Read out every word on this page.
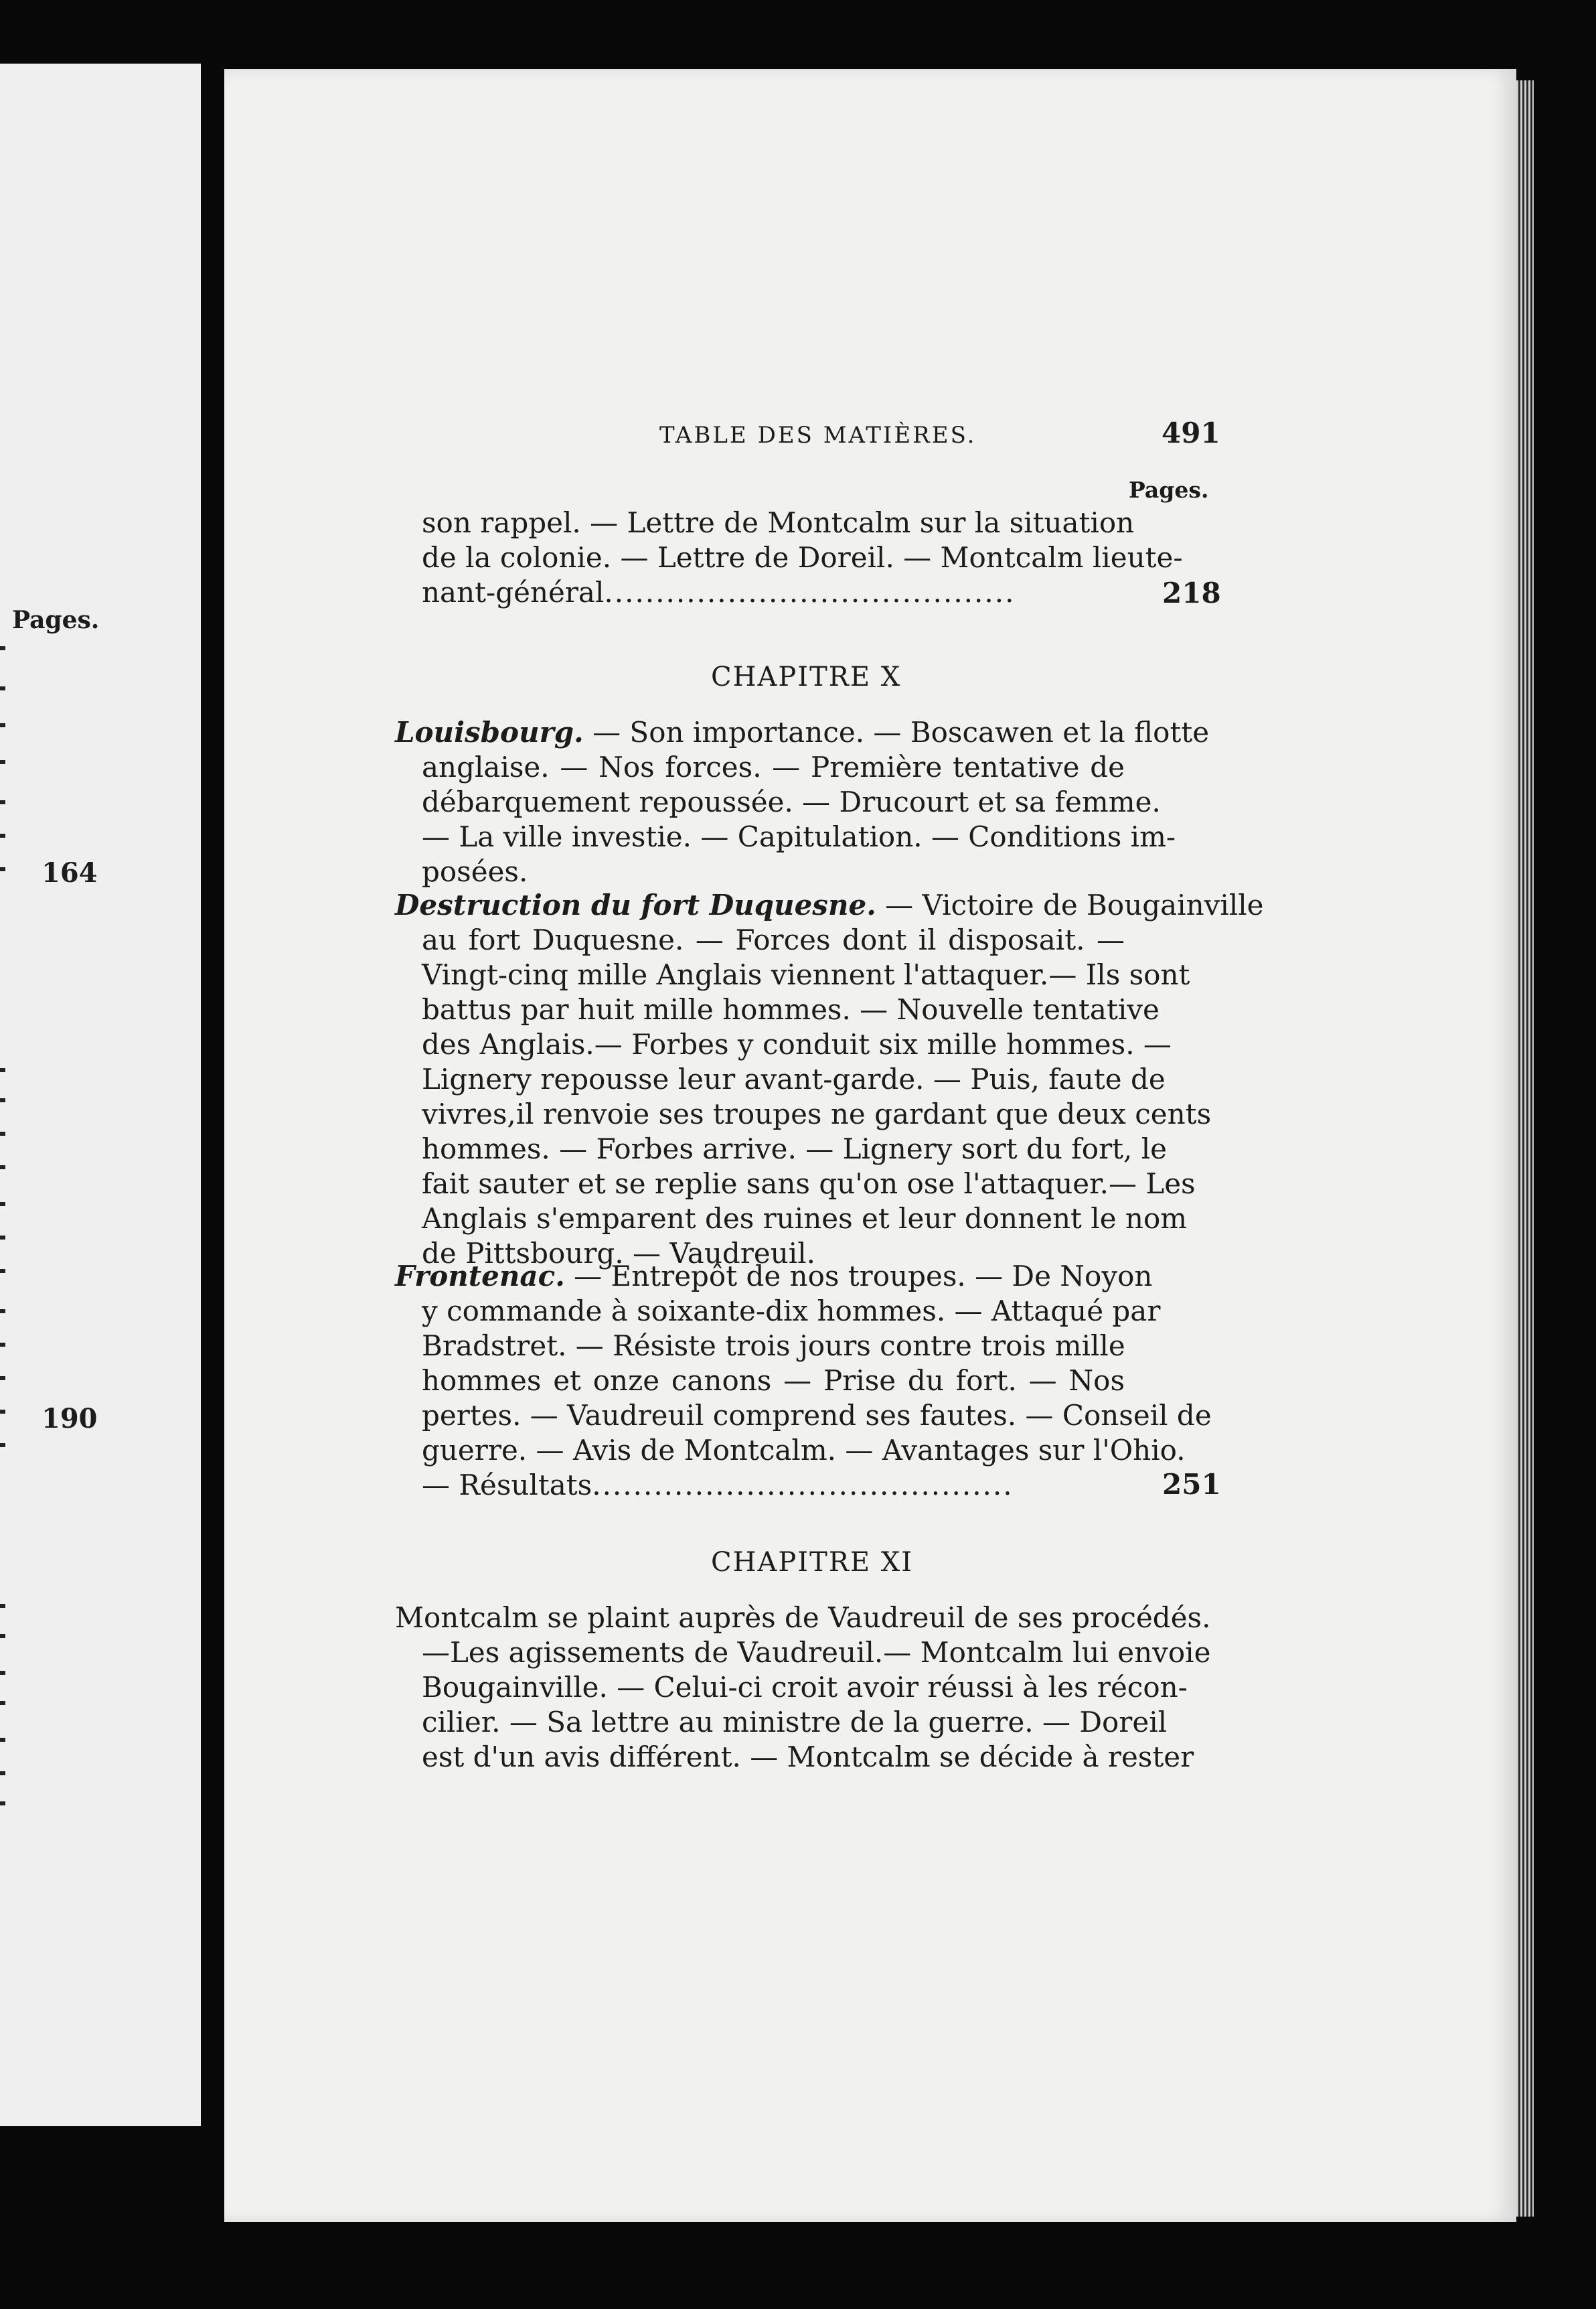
Pages.
164
190
TABLE DES MATIÈRES.	491
Pages.
son rappel. — Lettre de Montcalm sur la situation
de la colonie. — Lettre de Doreil. — Montcalm lieute-
nant-général........................................	218
CHAPITRE X
Louisbourg. — Son importance. — Boscawen et la flotte
anglaise. — Nos forces. — Première tentative de
débarquement repoussée. — Drucourt et sa femme.
— La ville investie. — Capitulation. — Conditions im-
posées.
Destruction du fort Duquesne. — Victoire de Bougainville
au fort Duquesne. — Forces dont il disposait. —
Vingt-cinq mille Anglais viennent l'attaquer.— Ils sont
battus par huit mille hommes. — Nouvelle tentative
des Anglais.— Forbes y conduit six mille hommes. —
Lignery repousse leur avant-garde. — Puis, faute de
vivres,il renvoie ses troupes ne gardant que deux cents
hommes. — Forbes arrive. — Lignery sort du fort, le
fait sauter et se replie sans qu'on ose l'attaquer.— Les
Anglais s'emparent des ruines et leur donnent le nom
de Pittsbourg. — Vaudreuil.
Frontenac. — Entrepôt de nos troupes. — De Noyon
y commande à soixante-dix hommes. — Attaqué par
Bradstret. — Résiste trois jours contre trois mille
hommes et onze canons — Prise du fort. — Nos
pertes. — Vaudreuil comprend ses fautes. — Conseil de
guerre. — Avis de Montcalm. — Avantages sur l'Ohio.
— Résultats.........................................	251
CHAPITRE XI
Montcalm se plaint auprès de Vaudreuil de ses procédés.
—Les agissements de Vaudreuil.— Montcalm lui envoie
Bougainville. — Celui-ci croit avoir réussi à les récon-
cilier. — Sa lettre au ministre de la guerre. — Doreil
est d'un avis différent. — Montcalm se décide à rester
